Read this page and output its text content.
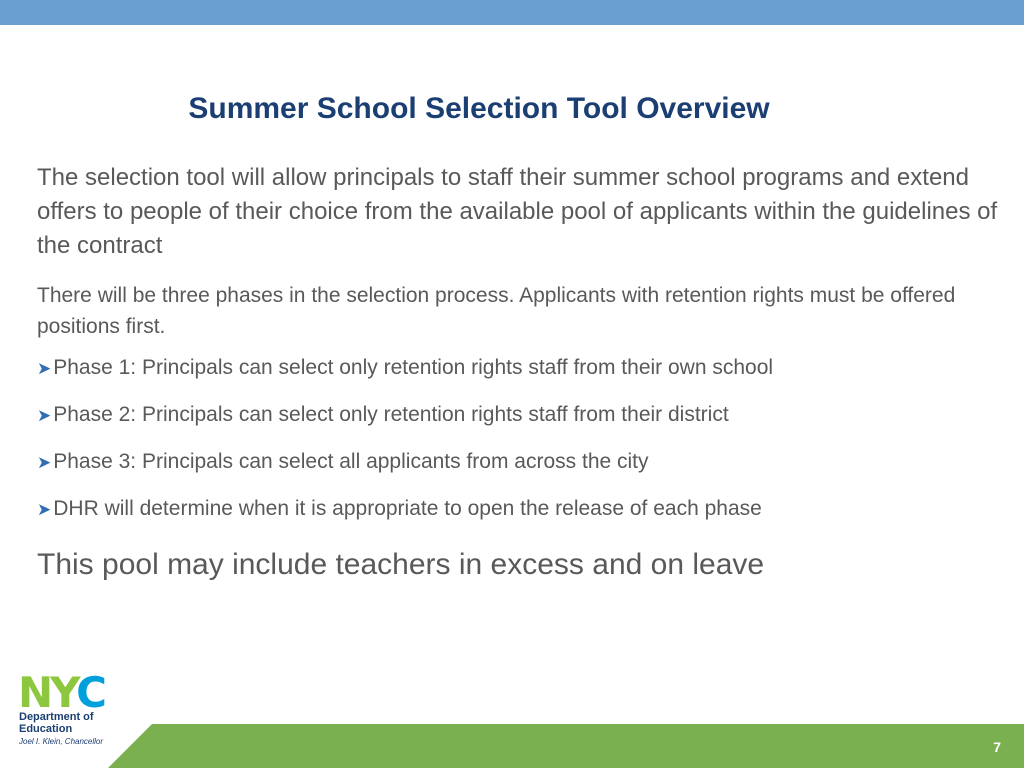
Summer School Selection Tool Overview
The selection tool will allow principals to staff their summer school programs and extend offers to people of their choice from the available pool of applicants within the guidelines of the contract
There will be three phases in the selection process. Applicants with retention rights must be offered positions first.
➤Phase 1: Principals can select only retention rights staff from their own school
➤Phase 2: Principals can select only retention rights staff from their district
➤Phase 3: Principals can select all applicants from across the city
➤DHR will determine when it is appropriate to open the release of each phase
This pool may include teachers in excess and on leave
7
NYC
Department of
Education
Joel I. Klein, Chancellor
